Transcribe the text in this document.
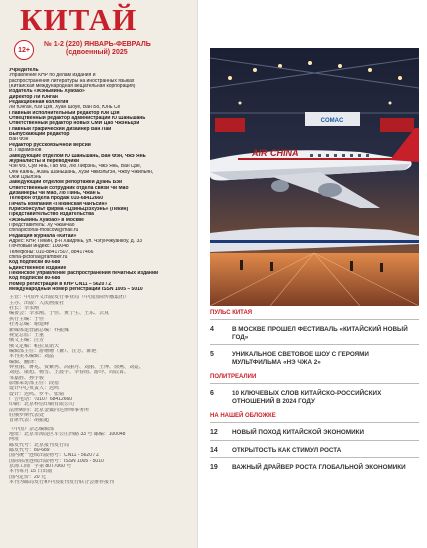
КИТАЙ
12+
№ 1-2 (220) ЯНВАРЬ-ФЕВРАЛЬ
(сдвоенный) 2025
Учредитель
Управление КНР по делам издания и
распространения литературы на иностранных языках
(Китайская международная вещательная корпорация)
Издатель «Жэньминь Хуабао»
Директор Ли Юнган
Редакционная коллегия
Ли Юнган, Юй Цзя, Хуан Шоуе, Ван Бо, Юнь Се
Главный исполнительный редактор Юй Цзя
Отвецтвенный редактор администрации Ю Шаньшань
Ответственный редактор новых СМИ Цао Чжэньцзи
Главный графический дизайнер Ван Лай
Выпускающий редактор
Ван Фэн
Редактор русскоязычной версии
В. Парамонов
Заведующие отделом Ю Шаньшань, Ван Фэн, Чжэ Янь
Журналисты и переводчики
Чэн Фэ, Суй Янь, Гао Мэ, Лю Лифэнь, Чжэ Янь, Ван Цзе,
Оян Каянь, Жань Шаньшань, Хуэй Чжиэльтэн, Чжоу Чжильян,
Оюй Цзылэнь
Заведующий отделом репортажей Дуань Бэй
Ответственный сотрудник отдела связи Чи Мао
Дизайнеры Чи Мао, Ло Пинь, Чжан Е
Телефон отдела продаж 010-68412660
Печать компания «Пекинская чанъсин»
Юрисконсульт фирма «Цзиньцзэхуэнь» (Пекин)
Представительство издательства
«Жэньминь Хуабао» в Москве
Представитель: Ху Чжанчао
chinapictorial-moscow@mail.ru
Редакция журнала «Китай»
Адрес: КНР, Пекин, р-н Хайдянь, ул. Чэгунчжуанкоу, д. 33
Почтовый индекс: 100048
Телефоны: 010-88417507, 88417466
china-pictorial@rambler.ru
Код подписки 80-688
Единственное издание
Пекинское управление распространения печатных изданий
Код подписки 80-688
Номер регистрации в КНР CN11 – 5620 / Z
Международный номер регистрации ISSN 1005 – 5010
主管：中国外文出版发行事业局（中国国际传播集团）
主办、出版：人民画报社
社长：李永刚
编委会：李永刚、于佳、黄宁生、王东、云真
执行主编：于佳
社务总编：谢建峰
新媒体运营副总编：乔振煤
视觉总监：王重
俄文主编：汪芳
俄文定稿：帕拉莫诺夫
编辑部主任：游珊珊（兼）、汪芳、陈艳
本刊美术编辑：刘晶
编辑、翻译：
钟亚丽、蒋兆、贾紫冉、高丽丹、刘丽、王博、徐燕、刘霓、
刘迎、康旭、杨雪、王晨宇、李春雨、游玲、周辰霄、
邹嘉胜、孙宇骏
影像采访部主任：段蓓
设计中心负责人：迟鸣
设计：迟鸣、罗平、张婧
广告电话：（010）68412660
印刷：北京科信印刷有限公司
法律顾问：北京金诚同达律师事务所
驻俄罗斯代表处
首席代表：胡振超
《中国》杂志编辑部
地址：北京市海淀区车公庄西路 33 号 邮编：100048
网址
邮发代号：北京报刊发行局
邮发代号：80-689
国内统一连续出版物号：CN11 - 5620 / Z
国际标准连续出版物号：ISSN 1005 - 5010
京海工商广字第 8077060 号
本刊每月 15 日出版
国内定价：20 元
本刊为邮局发行和中国报刊发行联合会推荐报刊
COMAC
AIR CHINA
ПУЛЬС КИТАЯ
4	В МОСКВЕ ПРОШЕЛ ФЕСТИВАЛЬ «КИТАЙСКИЙ НОВЫЙ ГОД»
5	УНИКАЛЬНОЕ СВЕТОВОЕ ШОУ С ГЕРОЯМИ МУЛЬТФИЛЬМА «НЭ ЧЖА 2»
ПОЛИТРЕАЛИИ
6	10 КЛЮЧЕВЫХ СЛОВ КИТАЙСКО-РОССИЙСКИХ ОТНОШЕНИЙ В 2024 ГОДУ
НА НАШЕЙ ОБЛОЖКЕ
12	НОВЫЙ ПОХОД КИТАЙСКОЙ ЭКОНОМИКИ
14	ОТКРЫТОСТЬ КАК СТИМУЛ РОСТА
19	ВАЖНЫЙ ДРАЙВЕР РОСТА ГЛОБАЛЬНОЙ ЭКОНОМИКИ
